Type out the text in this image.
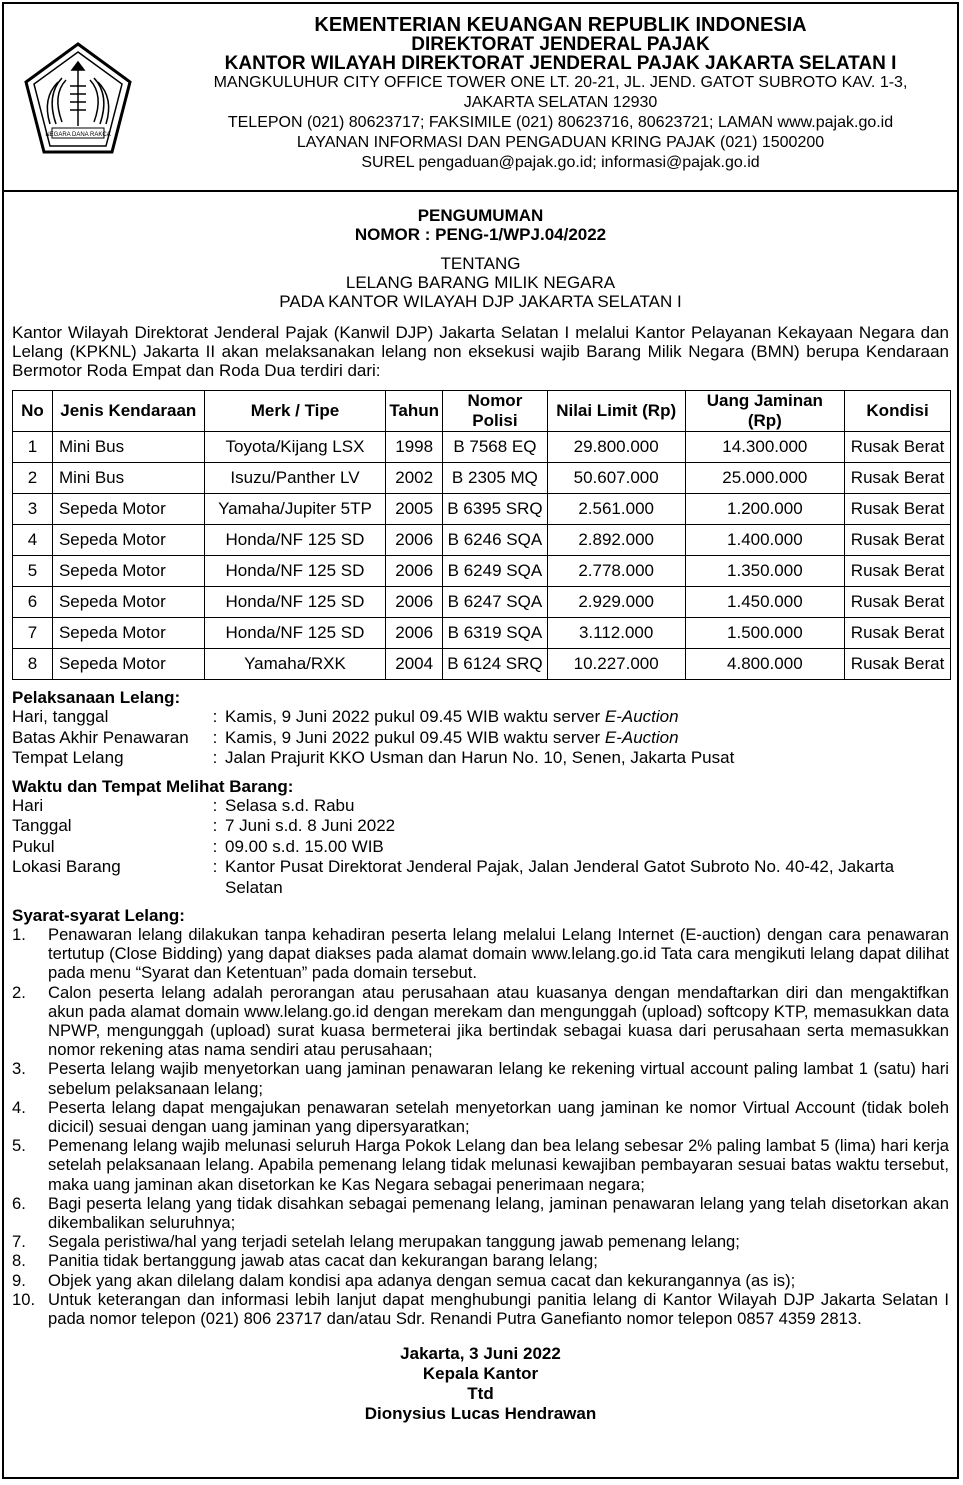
NEGARA DANA RAKCA
KEMENTERIAN KEUANGAN REPUBLIK INDONESIA
DIREKTORAT JENDERAL PAJAK
KANTOR WILAYAH DIREKTORAT JENDERAL PAJAK JAKARTA SELATAN I
MANGKULUHUR CITY OFFICE TOWER ONE LT. 20-21, JL. JEND. GATOT SUBROTO KAV. 1-3,
JAKARTA SELATAN 12930
TELEPON (021) 80623717; FAKSIMILE (021) 80623716, 80623721; LAMAN www.pajak.go.id
LAYANAN INFORMASI DAN PENGADUAN KRING PAJAK (021) 1500200
SUREL pengaduan@pajak.go.id; informasi@pajak.go.id
PENGUMUMAN
NOMOR : PENG-1/WPJ.04/2022
TENTANG
LELANG BARANG MILIK NEGARA
PADA KANTOR WILAYAH DJP JAKARTA SELATAN I

Kantor Wilayah Direktorat Jenderal Pajak (Kanwil DJP) Jakarta Selatan I melalui Kantor Pelayanan Kekayaan Negara dan Lelang (KPKNL) Jakarta II akan melaksanakan lelang non eksekusi wajib Barang Milik Negara (BMN) berupa Kendaraan Bermotor Roda Empat dan Roda Dua terdiri dari:

No	Jenis Kendaraan	Merk / Tipe	Tahun	Nomor Polisi	Nilai Limit (Rp)	Uang Jaminan (Rp)	Kondisi
1	Mini Bus	Toyota/Kijang LSX	1998	B 7568 EQ	29.800.000	14.300.000	Rusak Berat
2	Mini Bus	Isuzu/Panther LV	2002	B 2305 MQ	50.607.000	25.000.000	Rusak Berat
3	Sepeda Motor	Yamaha/Jupiter 5TP	2005	B 6395 SRQ	2.561.000	1.200.000	Rusak Berat
4	Sepeda Motor	Honda/NF 125 SD	2006	B 6246 SQA	2.892.000	1.400.000	Rusak Berat
5	Sepeda Motor	Honda/NF 125 SD	2006	B 6249 SQA	2.778.000	1.350.000	Rusak Berat
6	Sepeda Motor	Honda/NF 125 SD	2006	B 6247 SQA	2.929.000	1.450.000	Rusak Berat
7	Sepeda Motor	Honda/NF 125 SD	2006	B 6319 SQA	3.112.000	1.500.000	Rusak Berat
8	Sepeda Motor	Yamaha/RXK	2004	B 6124 SRQ	10.227.000	4.800.000	Rusak Berat
Pelaksanaan Lelang:
Hari, tanggal	: Kamis, 9 Juni 2022 pukul 09.45 WIB waktu server E-Auction
Batas Akhir Penawaran	: Kamis, 9 Juni 2022 pukul 09.45 WIB waktu server E-Auction
Tempat Lelang	: Jalan Prajurit KKO Usman dan Harun No. 10, Senen, Jakarta Pusat
Waktu dan Tempat Melihat Barang:
Hari	: Selasa s.d. Rabu
Tanggal	: 7 Juni s.d. 8 Juni 2022
Pukul	: 09.00 s.d. 15.00 WIB
Lokasi Barang	: Kantor Pusat Direktorat Jenderal Pajak, Jalan Jenderal Gatot Subroto No. 40-42, Jakarta Selatan
Syarat-syarat Lelang:
1.	Penawaran lelang dilakukan tanpa kehadiran peserta lelang melalui Lelang Internet (E-auction) dengan cara penawaran tertutup (Close Bidding) yang dapat diakses pada alamat domain www.lelang.go.id Tata cara mengikuti lelang dapat dilihat pada menu “Syarat dan Ketentuan” pada domain tersebut.
2.	Calon peserta lelang adalah perorangan atau perusahaan atau kuasanya dengan mendaftarkan diri dan mengaktifkan akun pada alamat domain www.lelang.go.id dengan merekam dan mengunggah (upload) softcopy KTP, memasukkan data NPWP, mengunggah (upload) surat kuasa bermeterai jika bertindak sebagai kuasa dari perusahaan serta memasukkan nomor rekening atas nama sendiri atau perusahaan;
3.	Peserta lelang wajib menyetorkan uang jaminan penawaran lelang ke rekening virtual account paling lambat 1 (satu) hari sebelum pelaksanaan lelang;
4.	Peserta lelang dapat mengajukan penawaran setelah menyetorkan uang jaminan ke nomor Virtual Account (tidak boleh dicicil) sesuai dengan uang jaminan yang dipersyaratkan;
5.	Pemenang lelang wajib melunasi seluruh Harga Pokok Lelang dan bea lelang sebesar 2% paling lambat 5 (lima) hari kerja setelah pelaksanaan lelang. Apabila pemenang lelang tidak melunasi kewajiban pembayaran sesuai batas waktu tersebut, maka uang jaminan akan disetorkan ke Kas Negara sebagai penerimaan negara;
6.	Bagi peserta lelang yang tidak disahkan sebagai pemenang lelang, jaminan penawaran lelang yang telah disetorkan akan dikembalikan seluruhnya;
7.	Segala peristiwa/hal yang terjadi setelah lelang merupakan tanggung jawab pemenang lelang;
8.	Panitia tidak bertanggung jawab atas cacat dan kekurangan barang lelang;
9.	Objek yang akan dilelang dalam kondisi apa adanya dengan semua cacat dan kekurangannya (as is);
10. Untuk keterangan dan informasi lebih lanjut dapat menghubungi panitia lelang di Kantor Wilayah DJP Jakarta Selatan I pada nomor telepon (021) 806 23717 dan/atau Sdr. Renandi Putra Ganefianto nomor telepon 0857 4359 2813.
Jakarta, 3 Juni 2022
Kepala Kantor
Ttd
Dionysius Lucas Hendrawan
